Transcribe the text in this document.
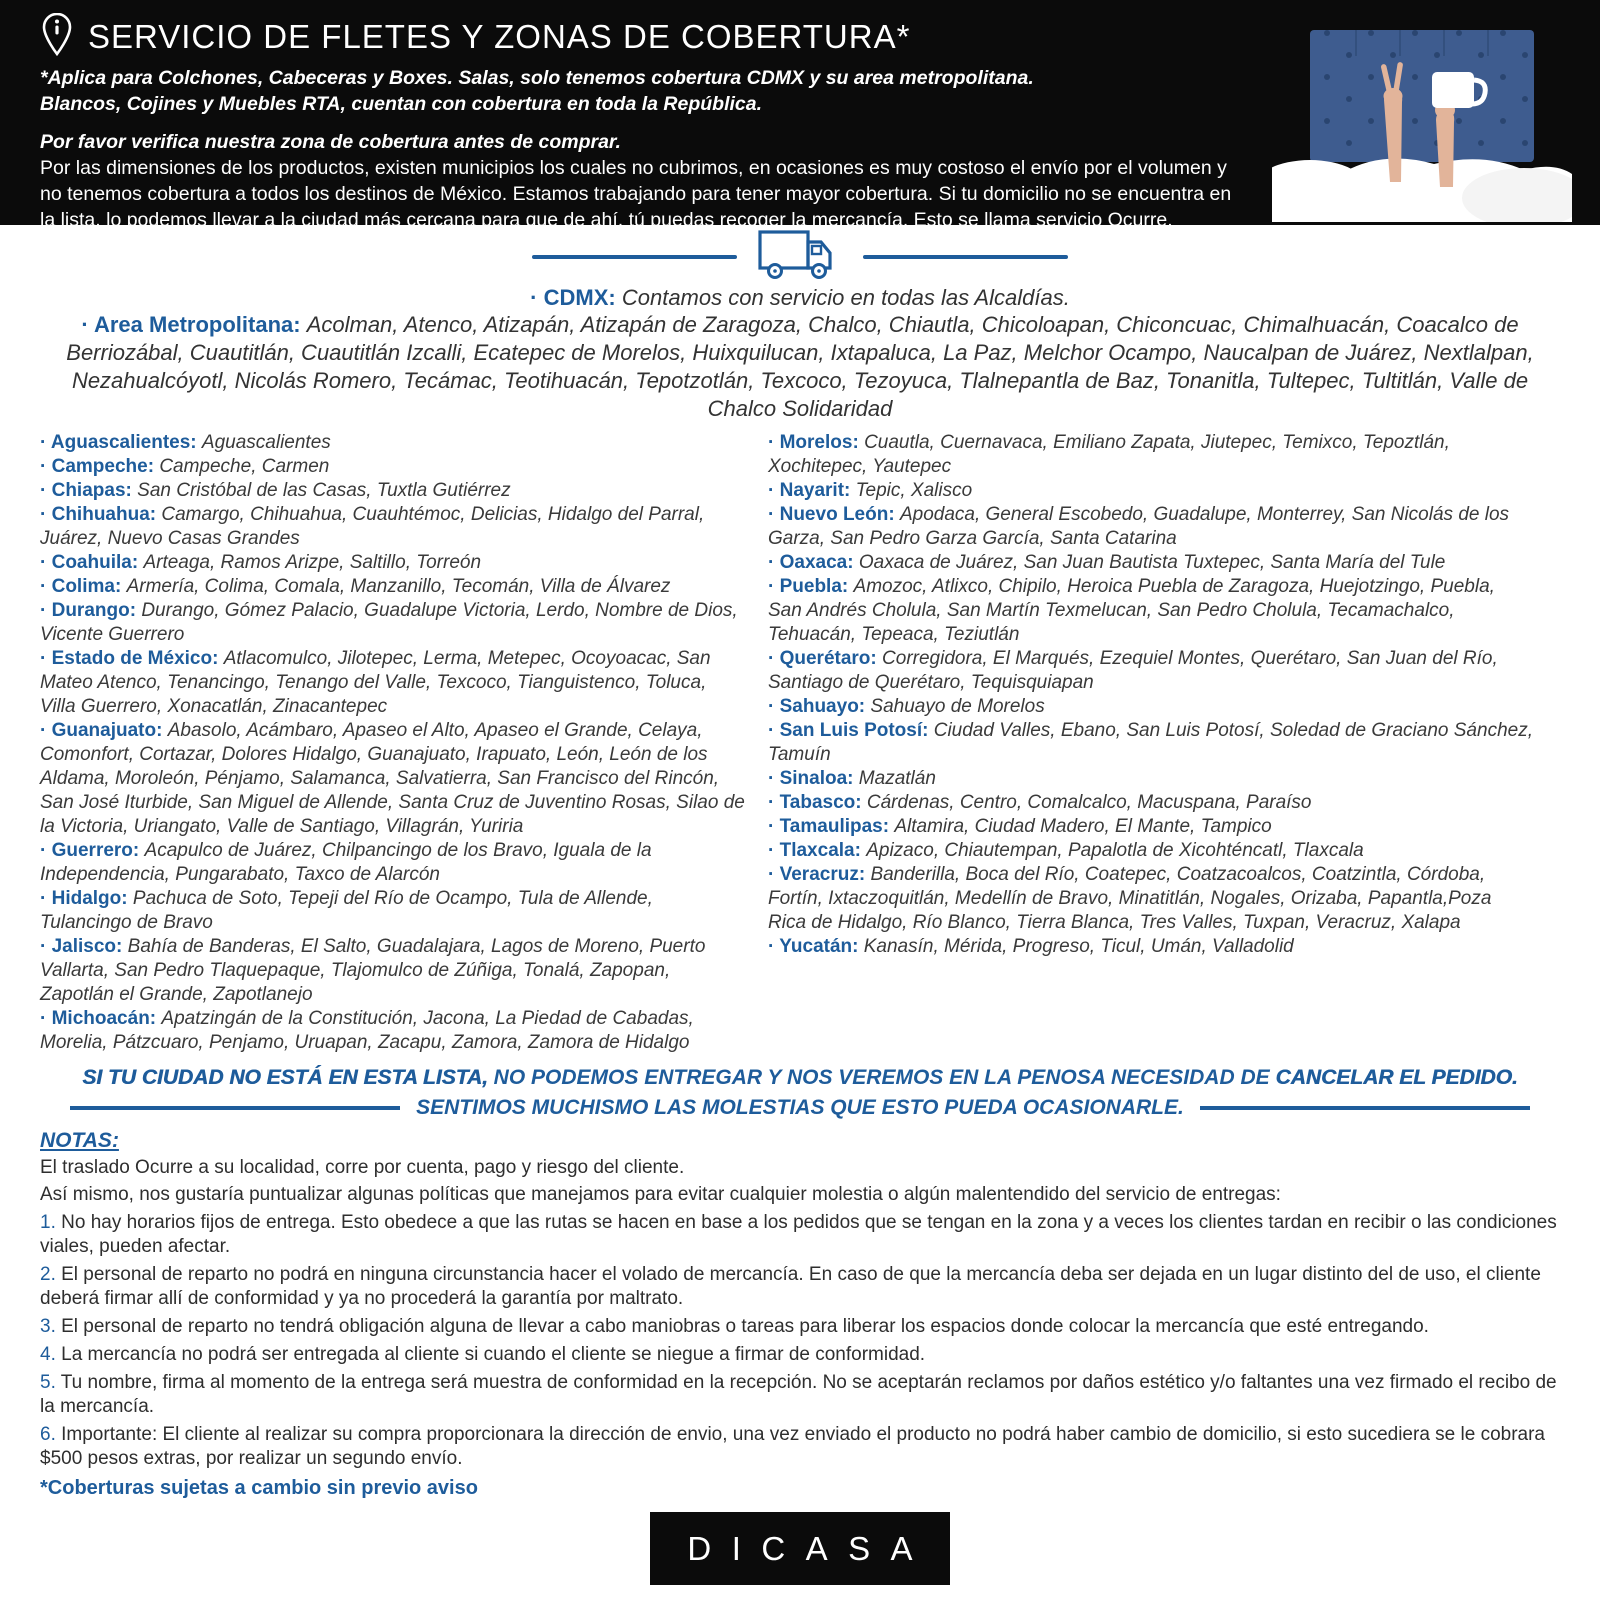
SERVICIO DE FLETES Y ZONAS DE COBERTURA*

*Aplica para Colchones, Cabeceras y Boxes. Salas, solo tenemos cobertura CDMX y su area metropolitana.
Blancos, Cojines y Muebles RTA, cuentan con cobertura en toda la República.

Por favor verifica nuestra zona de cobertura antes de comprar.

Por las dimensiones de los productos, existen municipios los cuales no cubrimos, en ocasiones es muy costoso el envío por el volumen y no tenemos cobertura a todos los destinos de México. Estamos trabajando para tener mayor cobertura. Si tu domicilio no se encuentra en la lista, lo podemos llevar a la ciudad más cercana para que de ahí, tú puedas recoger la mercancía. Esto se llama servicio Ocurre.

· CDMX: Contamos con servicio en todas las Alcaldías.

· Area Metropolitana: Acolman, Atenco, Atizapán, Atizapán de Zaragoza, Chalco, Chiautla, Chicoloapan, Chiconcuac, Chimalhuacán, Coacalco de Berriozábal, Cuautitlán, Cuautitlán Izcalli, Ecatepec de Morelos, Huixquilucan, Ixtapaluca, La Paz, Melchor Ocampo, Naucalpan de Juárez, Nextlalpan, Nezahualcóyotl, Nicolás Romero, Tecámac, Teotihuacán, Tepotzotlán, Texcoco, Tezoyuca, Tlalnepantla de Baz, Tonanitla, Tultepec, Tultitlán, Valle de Chalco Solidaridad

· Aguascalientes: Aguascalientes

· Campeche: Campeche, Carmen

· Chiapas: San Cristóbal de las Casas, Tuxtla Gutiérrez

· Chihuahua: Camargo, Chihuahua, Cuauhtémoc, Delicias, Hidalgo del Parral, Juárez, Nuevo Casas Grandes

· Coahuila: Arteaga, Ramos Arizpe, Saltillo, Torreón

· Colima: Armería, Colima, Comala, Manzanillo, Tecomán, Villa de Álvarez

· Durango: Durango, Gómez Palacio, Guadalupe Victoria, Lerdo, Nombre de Dios, Vicente Guerrero

· Estado de México: Atlacomulco, Jilotepec, Lerma, Metepec, Ocoyoacac, San Mateo Atenco, Tenancingo, Tenango del Valle, Texcoco, Tianguistenco, Toluca, Villa Guerrero, Xonacatlán, Zinacantepec

· Guanajuato: Abasolo, Acámbaro, Apaseo el Alto, Apaseo el Grande, Celaya, Comonfort, Cortazar, Dolores Hidalgo, Guanajuato, Irapuato, León, León de los Aldama, Moroleón, Pénjamo, Salamanca, Salvatierra, San Francisco del Rincón, San José Iturbide, San Miguel de Allende, Santa Cruz de Juventino Rosas, Silao de la Victoria, Uriangato, Valle de Santiago, Villagrán, Yuriria

· Guerrero: Acapulco de Juárez, Chilpancingo de los Bravo, Iguala de la Independencia, Pungarabato, Taxco de Alarcón

· Hidalgo: Pachuca de Soto, Tepeji del Río de Ocampo, Tula de Allende, Tulancingo de Bravo

· Jalisco: Bahía de Banderas, El Salto, Guadalajara, Lagos de Moreno, Puerto Vallarta, San Pedro Tlaquepaque, Tlajomulco de Zúñiga, Tonalá, Zapopan, Zapotlán el Grande, Zapotlanejo

· Michoacán: Apatzingán de la Constitución, Jacona, La Piedad de Cabadas, Morelia, Pátzcuaro, Penjamo, Uruapan, Zacapu, Zamora, Zamora de Hidalgo

· Morelos: Cuautla, Cuernavaca, Emiliano Zapata, Jiutepec, Temixco, Tepoztlán, Xochitepec, Yautepec

· Nayarit: Tepic, Xalisco

· Nuevo León: Apodaca, General Escobedo, Guadalupe, Monterrey, San Nicolás de los Garza, San Pedro Garza García, Santa Catarina

· Oaxaca: Oaxaca de Juárez, San Juan Bautista Tuxtepec, Santa María del Tule

· Puebla: Amozoc, Atlixco, Chipilo, Heroica Puebla de Zaragoza, Huejotzingo, Puebla, San Andrés Cholula, San Martín Texmelucan, San Pedro Cholula, Tecamachalco, Tehuacán, Tepeaca, Teziutlán

· Querétaro: Corregidora, El Marqués, Ezequiel Montes, Querétaro, San Juan del Río, Santiago de Querétaro, Tequisquiapan

· Sahuayo: Sahuayo de Morelos

· San Luis Potosí: Ciudad Valles, Ebano, San Luis Potosí, Soledad de Graciano Sánchez, Tamuín

· Sinaloa: Mazatlán

· Tabasco: Cárdenas, Centro, Comalcalco, Macuspana, Paraíso

· Tamaulipas: Altamira, Ciudad Madero, El Mante, Tampico

· Tlaxcala: Apizaco, Chiautempan, Papalotla de Xicohténcatl, Tlaxcala

· Veracruz: Banderilla, Boca del Río, Coatepec, Coatzacoalcos, Coatzintla, Córdoba, Fortín, Ixtaczoquitlán, Medellín de Bravo, Minatitlán, Nogales, Orizaba, Papantla,Poza Rica de Hidalgo, Río Blanco, Tierra Blanca, Tres Valles, Tuxpan, Veracruz, Xalapa

· Yucatán: Kanasín, Mérida, Progreso, Ticul, Umán, Valladolid

SI TU CIUDAD NO ESTÁ EN ESTA LISTA, NO PODEMOS ENTREGAR Y NOS VEREMOS EN LA PENOSA NECESIDAD DE CANCELAR EL PEDIDO.

SENTIMOS MUCHISMO LAS MOLESTIAS QUE ESTO PUEDA OCASIONARLE.

NOTAS:

El traslado Ocurre a su localidad, corre por cuenta, pago y riesgo del cliente.

Así mismo, nos gustaría puntualizar algunas políticas que manejamos para evitar cualquier molestia o algún malentendido del servicio de entregas:

1. No hay horarios fijos de entrega. Esto obedece a que las rutas se hacen en base a los pedidos que se tengan en la zona y a veces los clientes tardan en recibir o las condiciones viales, pueden afectar.

2. El personal de reparto no podrá en ninguna circunstancia hacer el volado de mercancía. En caso de que la mercancía deba ser dejada en un lugar distinto del de uso, el cliente deberá firmar allí de conformidad y ya no procederá la garantía por maltrato.

3. El personal de reparto no tendrá obligación alguna de llevar a cabo maniobras o tareas para liberar los espacios donde colocar la mercancía que esté entregando.

4. La mercancía no podrá ser entregada al cliente si cuando el cliente se niegue a firmar de conformidad.

5. Tu nombre, firma al momento de la entrega será muestra de conformidad en la recepción. No se aceptarán reclamos por daños estético y/o faltantes una vez firmado el recibo de la mercancía.

6. Importante: El cliente al realizar su compra proporcionara la dirección de envio, una vez enviado el producto no podrá haber cambio de domicilio, si esto sucediera se le cobrara $500 pesos extras, por realizar un segundo envío.

*Coberturas sujetas a cambio sin previo aviso

DICASA
